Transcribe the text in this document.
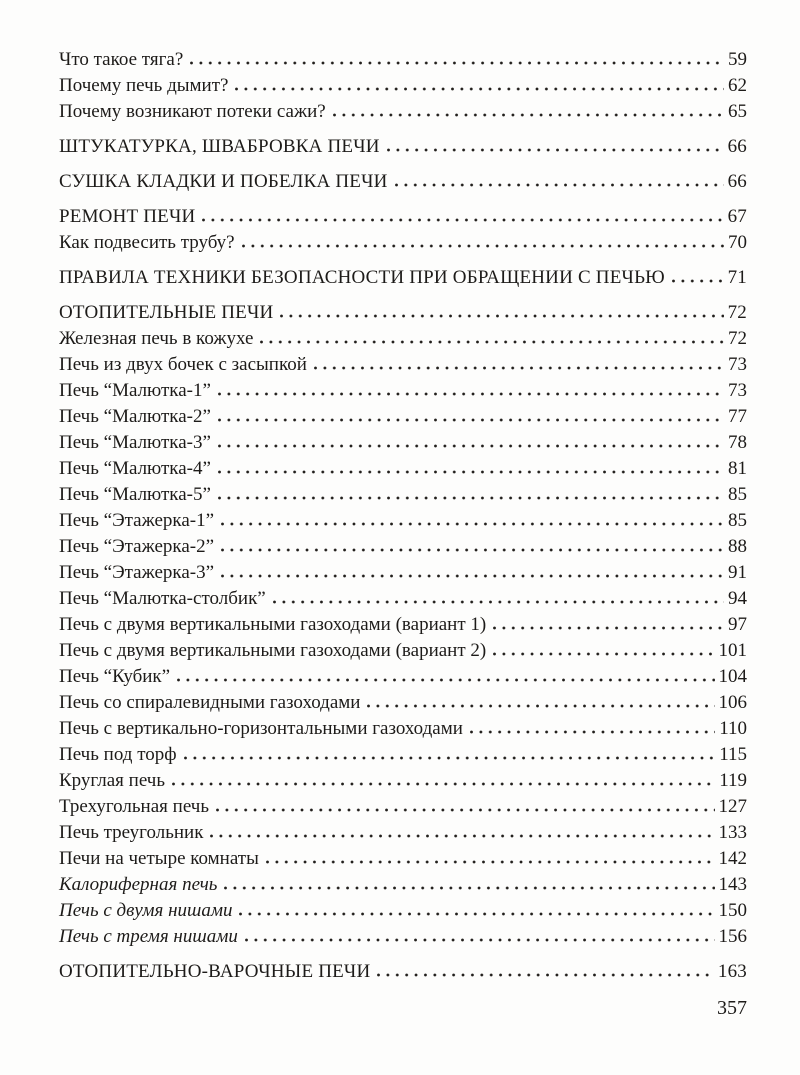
Что такое тяга?	59
Почему печь дымит?	62
Почему возникают потеки сажи?	65
ШТУКАТУРКА, ШВАБРОВКА ПЕЧИ	66
СУШКА КЛАДКИ И ПОБЕЛКА ПЕЧИ	66
РЕМОНТ ПЕЧИ	67
Как подвесить трубу?	70
ПРАВИЛА ТЕХНИКИ БЕЗОПАСНОСТИ ПРИ ОБРАЩЕНИИ С ПЕЧЬЮ	71
ОТОПИТЕЛЬНЫЕ ПЕЧИ	72
Железная печь в кожухе	72
Печь из двух бочек с засыпкой	73
Печь “Малютка-1”	73
Печь “Малютка-2”	77
Печь “Малютка-3”	78
Печь “Малютка-4”	81
Печь “Малютка-5”	85
Печь “Этажерка-1”	85
Печь “Этажерка-2”	88
Печь “Этажерка-3”	91
Печь “Малютка-столбик”	94
Печь с двумя вертикальными газоходами (вариант 1)	97
Печь с двумя вертикальными газоходами (вариант 2)	101
Печь “Кубик”	104
Печь со спиралевидными газоходами	106
Печь с вертикально-горизонтальными газоходами	110
Печь под торф	115
Круглая печь	119
Трехугольная печь	127
Печь треугольник	133
Печи на четыре комнаты	142
Калориферная печь	143
Печь с двумя нишами	150
Печь с тремя нишами	156
ОТОПИТЕЛЬНО-ВАРОЧНЫЕ ПЕЧИ	163
357
